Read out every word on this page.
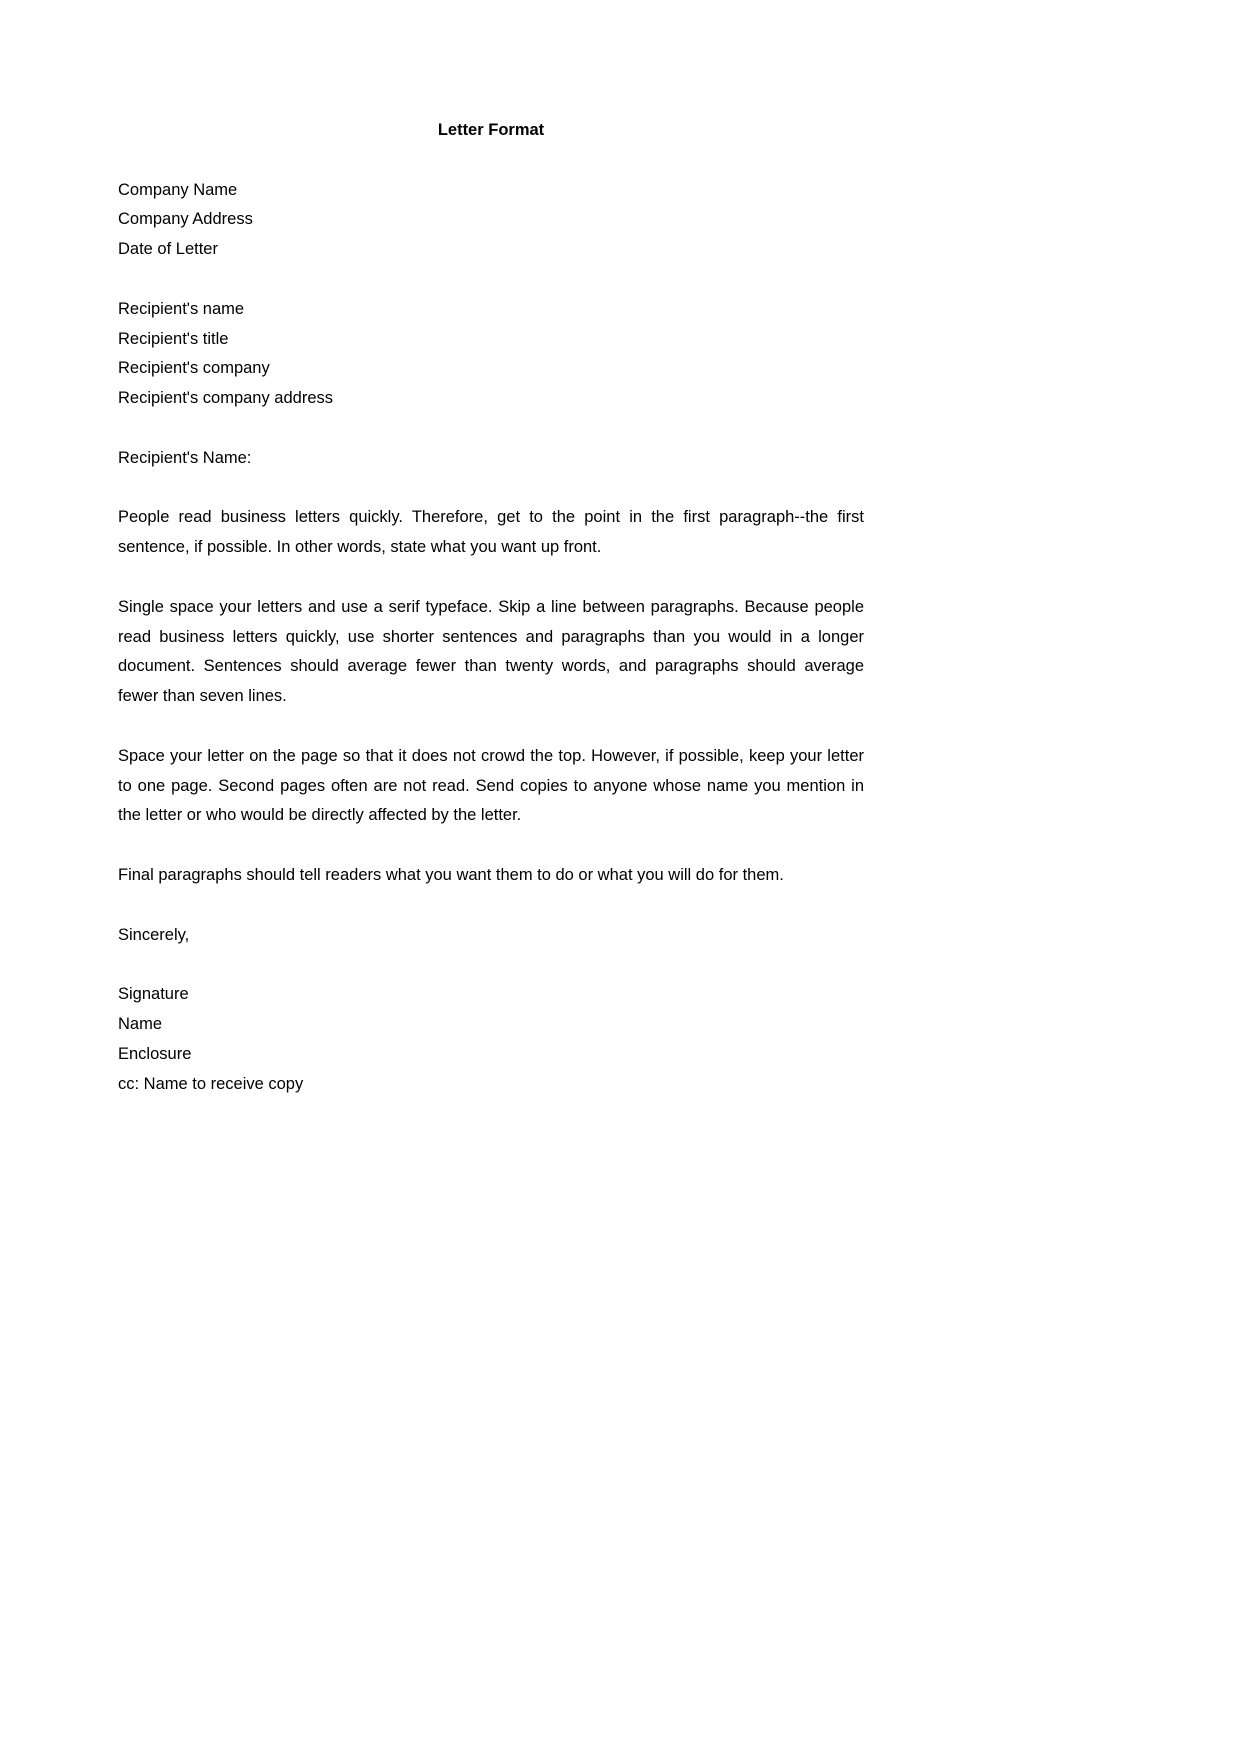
Letter Format

Company Name
Company Address
Date of Letter
Recipient's name
Recipient's title
Recipient's company
Recipient's company address

Recipient's Name:

People read business letters quickly. Therefore, get to the point in the first paragraph--the first sentence, if possible. In other words, state what you want up front.

Single space your letters and use a serif typeface. Skip a line between paragraphs. Because people read business letters quickly, use shorter sentences and paragraphs than you would in a longer document. Sentences should average fewer than twenty words, and paragraphs should average fewer than seven lines.

Space your letter on the page so that it does not crowd the top. However, if possible, keep your letter to one page. Second pages often are not read. Send copies to anyone whose name you mention in the letter or who would be directly affected by the letter.

Final paragraphs should tell readers what you want them to do or what you will do for them.

Sincerely,

Signature
Name
Enclosure
cc: Name to receive copy
